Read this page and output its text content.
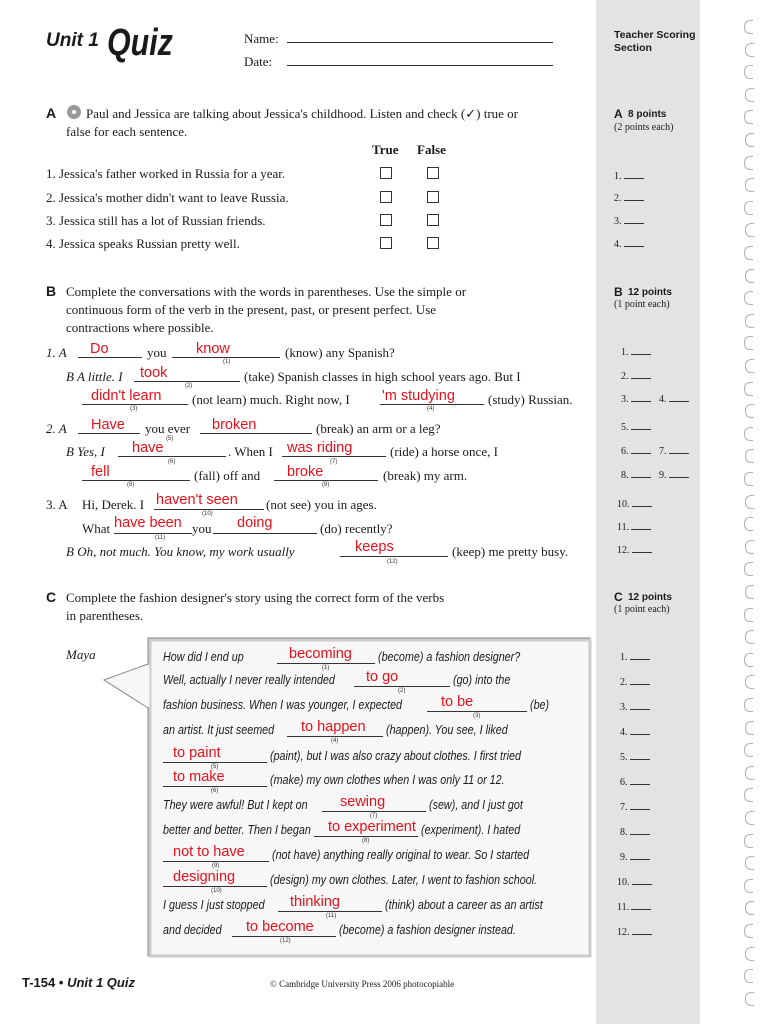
Unit 1 Quiz	Name:
Date:
Teacher Scoring
Section
A 8 points
(2 points each)
1.
2.
3.
4.
B 12 points
(1 point each)
1.
2.
3.	4.
5.
6.	7.
8.	9.
10.
11.
12.
C 12 points
(1 point each)
1.
2.
3.
4.
5.
6.
7.
8.
9.
10.
11.
12.
A Paul and Jessica are talking about Jessica's childhood. Listen and check (✓) true or
false for each sentence.
True False
1. Jessica's father worked in Russia for a year.
2. Jessica's mother didn't want to leave Russia.
3. Jessica still has a lot of Russian friends.
4. Jessica speaks Russian pretty well.
B Complete the conversations with the words in parentheses. Use the simple or
continuous form of the verb in the present, past, or present perfect. Use
contractions where possible.
1. A Do	you know
(1)
(know) any Spanish?
B A little. I took
(2)
(take) Spanish classes in high school years ago. But I
didn't learn
(3)
(not learn) much. Right now, I 'm studying
(4)
(study) Russian.
2. A Have you ever broken
(5)
(break) an arm or a leg?
B Yes, I have
(6)
. When I was riding
(7)
(ride) a horse once, I
fell
(8)
(fall) off and broke
(9)
(break) my arm.
3. A Hi, Derek. I haven't seen
(10)
(not see) you in ages.
What have been
(11)
you doing	(do) recently?
B Oh, not much. You know, my work usually	keeps
(12)
(keep) me pretty busy.
C Complete the fashion designer's story using the correct form of the verbs
in parentheses.
Maya	How did I end up	becoming
(1)
(become) a fashion designer?
Well, actually I never really intended to go
(2)
(go) into the
fashion business. When I was younger, I expected	to be
(3)
(be)
an artist. It just seemed to happen
(4)
(happen). You see, I liked
to paint
(5)
(paint), but I was also crazy about clothes. I first tried
to make
(6)
(make) my own clothes when I was only 11 or 12.
They were awful! But I kept on sewing
(7)
(sew), and I just got
better and better. Then I began to experiment
(8)
(experiment). I hated
not to have
(9)
(not have) anything really original to wear. So I started
designing
(10)
(design) my own clothes. Later, I went to fashion school.
I guess I just stopped thinking
(11)
(think) about a career as an artist
and decided to become
(12)
(become) a fashion designer instead.
T-154 • Unit 1 Quiz	© Cambridge University Press 2006 photocopiable
